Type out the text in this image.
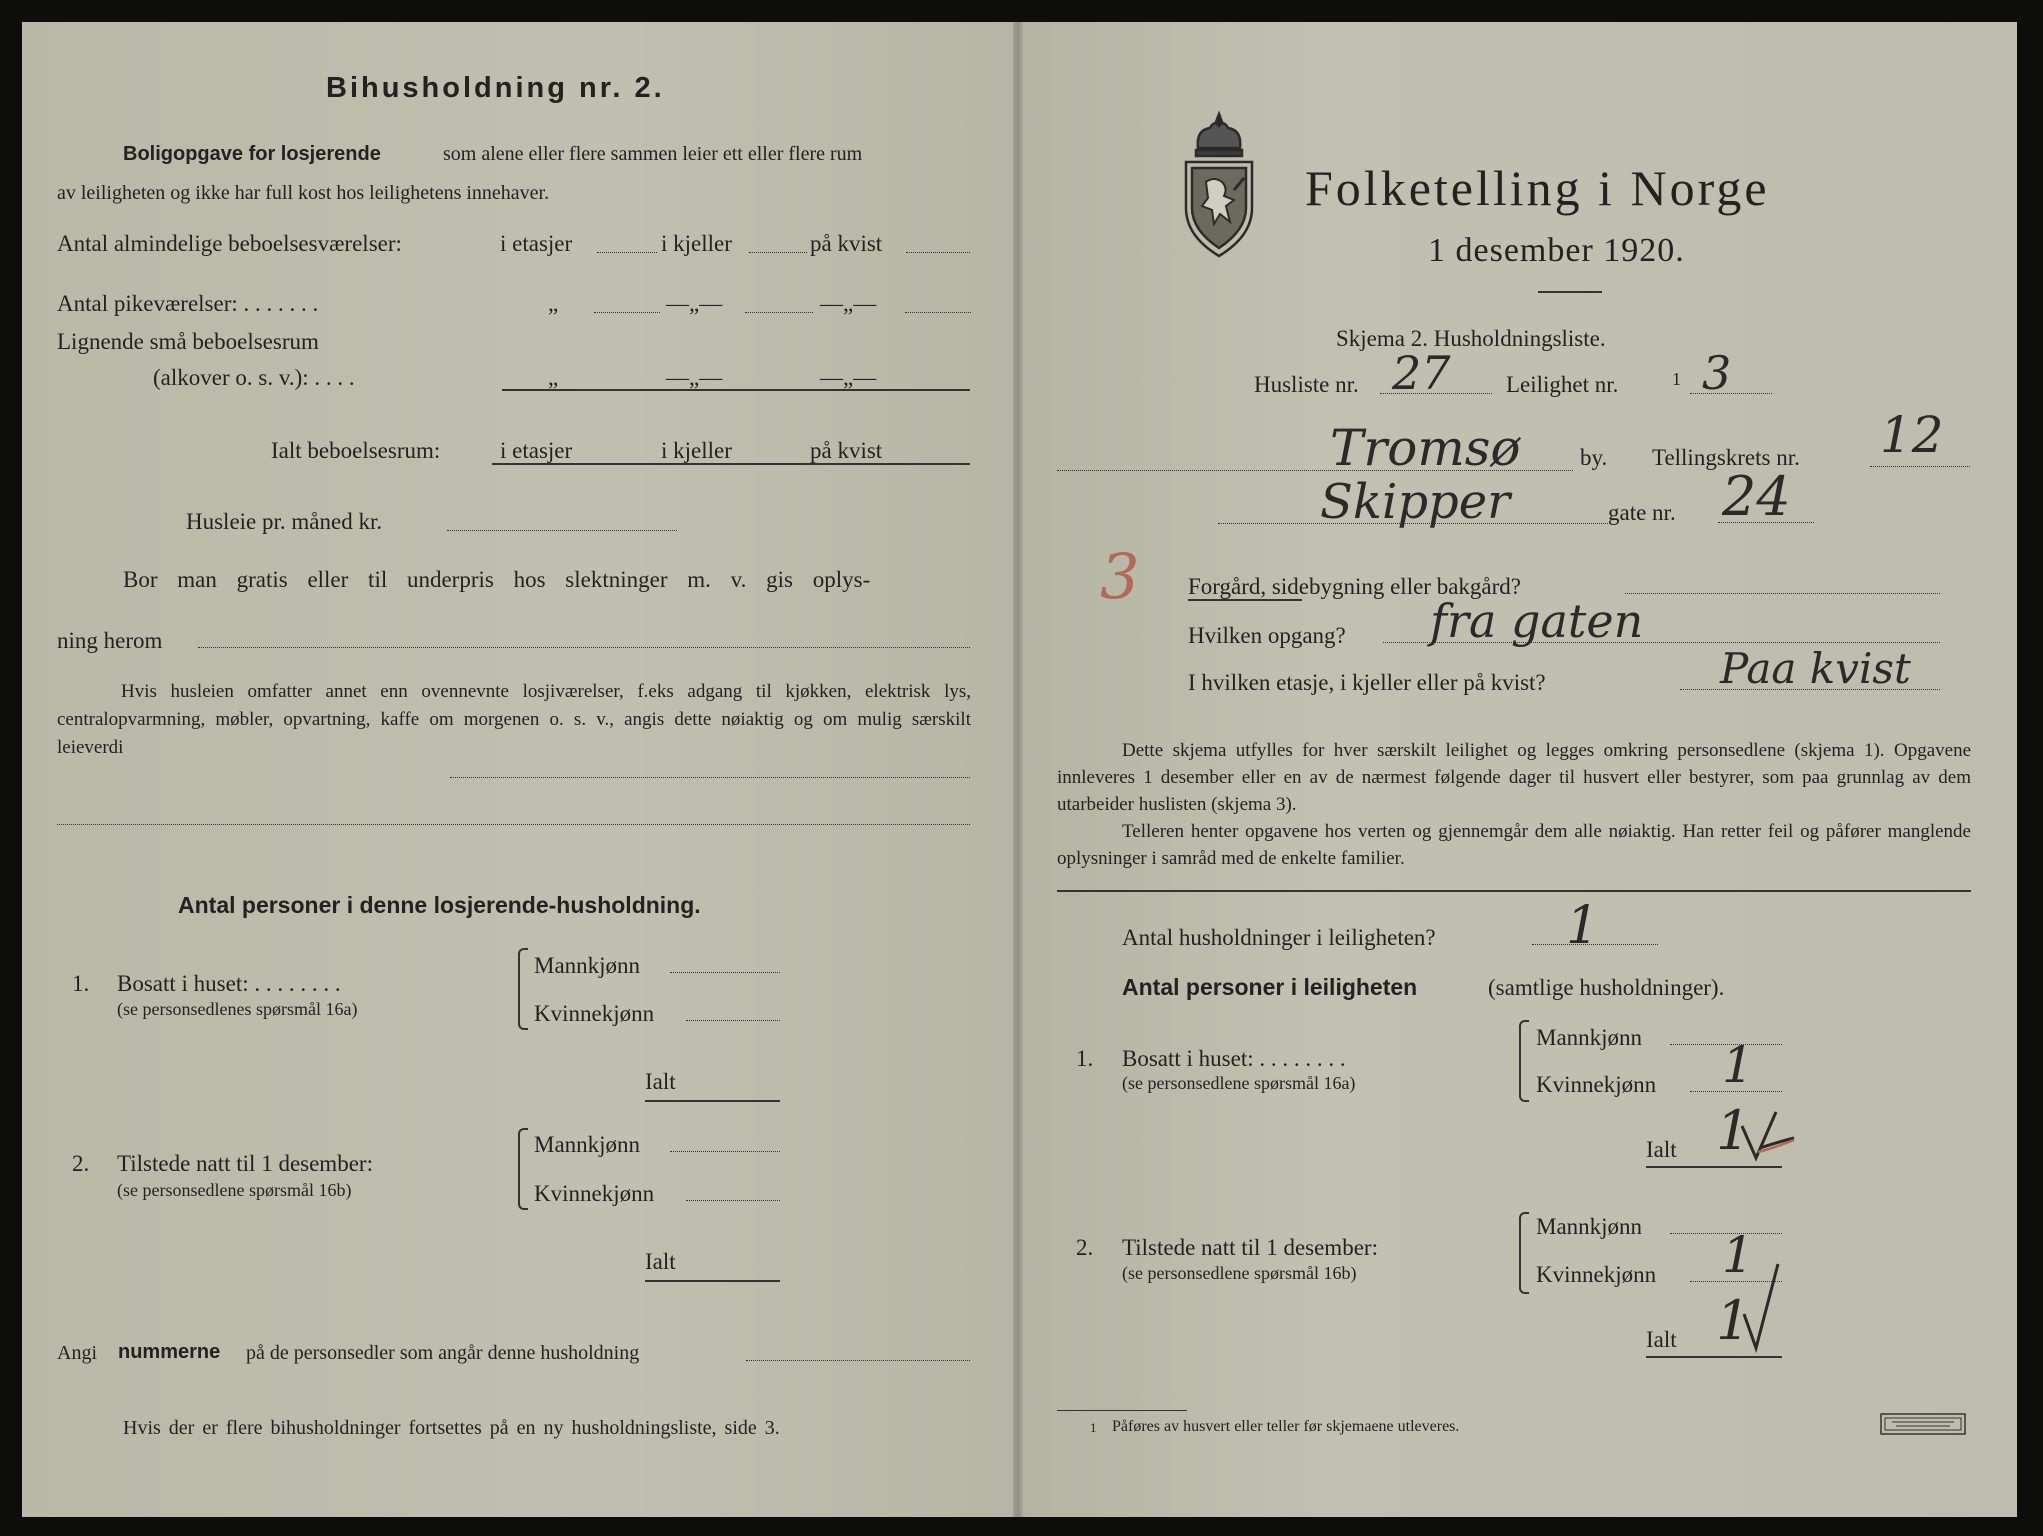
Bihusholdning nr. 2.
Boligopgave for losjerende	som alene eller flere sammen leier ett eller flere rum
av leiligheten og ikke har full kost hos leilighetens innehaver.
Antal almindelige beboelsesværelser:	i etasjer	i kjeller	på kvist
Antal pikeværelser: . . . . . . .	„	—„—	—„—
Lignende små beboelsesrum
(alkover o. s. v.): . . . .	„	—„—	—„—
Ialt beboelsesrum:	i etasjer	i kjeller	på kvist
Husleie pr. måned kr.
Bor man gratis eller til underpris hos slektninger m. v. gis oplys-
ning herom
Hvis husleien omfatter annet enn ovennevnte losjiværelser, f.eks adgang til kjøkken, elektrisk lys, centralopvarmning, møbler, opvartning, kaffe om morgenen o. s. v., angis dette nøiaktig og om mulig særskilt leieverdi
Antal personer i denne losjerende-husholdning.
1. Bosatt i huset: . . . . . . . .
(se personsedlenes spørsmål 16a)
Mannkjønn
Kvinnekjønn
Ialt
2. Tilstede natt til 1 desember:
(se personsedlene spørsmål 16b)
Mannkjønn
Kvinnekjønn
Ialt
Angi nummerne på de personsedler som angår denne husholdning
Hvis der er flere bihusholdninger fortsettes på en ny husholdningsliste, side 3.
Folketelling i Norge
1 desember 1920.
Skjema 2. Husholdningsliste.
Husliste nr. 27 Leilighet nr.	1 3
Tromsø	by. Tellingskrets nr. 12
Skipper	gate nr. 24
3 Forgård, sidebygning eller bakgård?
Hvilken opgang? fra gaten
I hvilken etasje, i kjeller eller på kvist?	Paa kvist
Dette skjema utfylles for hver særskilt leilighet og legges omkring personsedlene (skjema 1). Opgavene innleveres 1 desember eller en av de nærmest følgende dager til husvert eller bestyrer, som paa grunnlag av dem utarbeider huslisten (skjema 3).
Telleren henter opgavene hos verten og gjennemgår dem alle nøiaktig. Han retter feil og påfører manglende oplysninger i samråd med de enkelte familier.
Antal husholdninger i leiligheten?	1
Antal personer i leiligheten	(samtlige husholdninger).
1. Bosatt i huset: . . . . . . . .
(se personsedlene spørsmål 16a)
Mannkjønn
Kvinnekjønn 1
Ialt 1
2. Tilstede natt til 1 desember:
(se personsedlene spørsmål 16b)
Mannkjønn
Kvinnekjønn 1
Ialt 1
1 Påføres av husvert eller teller før skjemaene utleveres.
